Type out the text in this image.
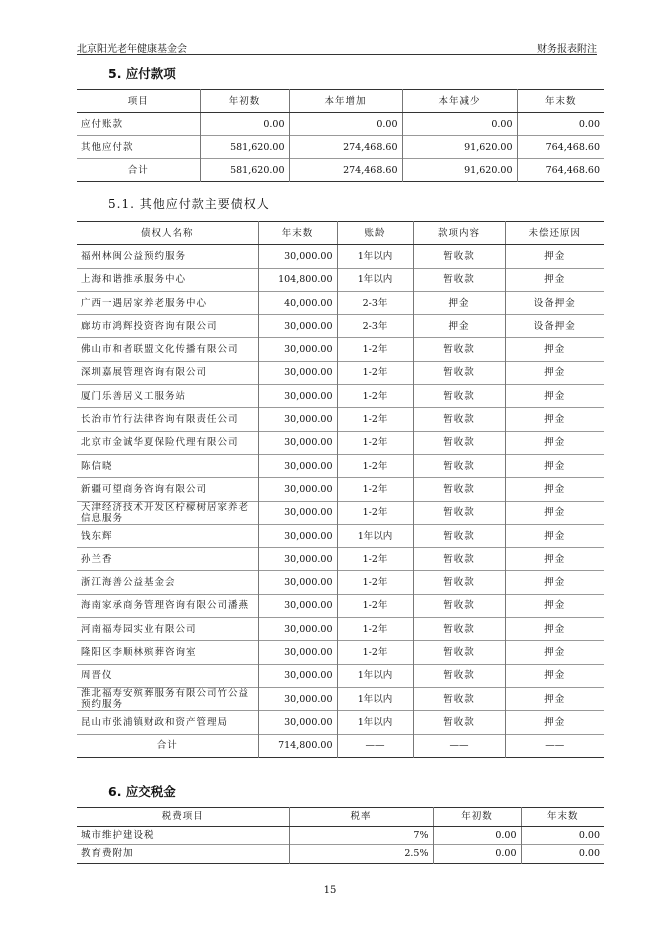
北京阳光老年健康基金会	财务报表附注
5. 应付款项
项目	年初数	本年增加	本年减少	年末数
应付账款	0.00	0.00	0.00	0.00
其他应付款	581,620.00	274,468.60	91,620.00	764,468.60
合计	581,620.00	274,468.60	91,620.00	764,468.60
5.1. 其他应付款主要债权人
债权人名称	年末数	账龄	款项内容	未偿还原因
福州林闽公益预约服务	30,000.00	1年以内	暂收款	押金
上海和谐推承服务中心	104,800.00	1年以内	暂收款	押金
广西一遇居家养老服务中心	40,000.00	2-3年	押金	设备押金
廊坊市鸿辉投资咨询有限公司	30,000.00	2-3年	押金	设备押金
佛山市和者联盟文化传播有限公司	30,000.00	1-2年	暂收款	押金
深圳嘉展管理咨询有限公司	30,000.00	1-2年	暂收款	押金
厦门乐善居义工服务站	30,000.00	1-2年	暂收款	押金
长治市竹行法律咨询有限责任公司	30,000.00	1-2年	暂收款	押金
北京市金诚华夏保险代理有限公司	30,000.00	1-2年	暂收款	押金
陈信晓	30,000.00	1-2年	暂收款	押金
新疆可望商务咨询有限公司	30,000.00	1-2年	暂收款	押金
天津经济技术开发区柠檬树居家养老信息服务	30,000.00	1-2年	暂收款	押金
钱东辉	30,000.00	1年以内	暂收款	押金
孙兰香	30,000.00	1-2年	暂收款	押金
浙江海善公益基金会	30,000.00	1-2年	暂收款	押金
海南家承商务管理咨询有限公司潘燕	30,000.00	1-2年	暂收款	押金
河南福寿园实业有限公司	30,000.00	1-2年	暂收款	押金
隆阳区李顺林殡葬咨询室	30,000.00	1-2年	暂收款	押金
周晋仪	30,000.00	1年以内	暂收款	押金
淮北福寿安殡葬服务有限公司竹公益预约服务	30,000.00	1年以内	暂收款	押金
昆山市张浦镇财政和资产管理局	30,000.00	1年以内	暂收款	押金
合计	714,800.00	——	——	——
6. 应交税金
税费项目	税率	年初数	年末数
城市维护建设税	7%	0.00	0.00
教育费附加	2.5%	0.00	0.00
15
